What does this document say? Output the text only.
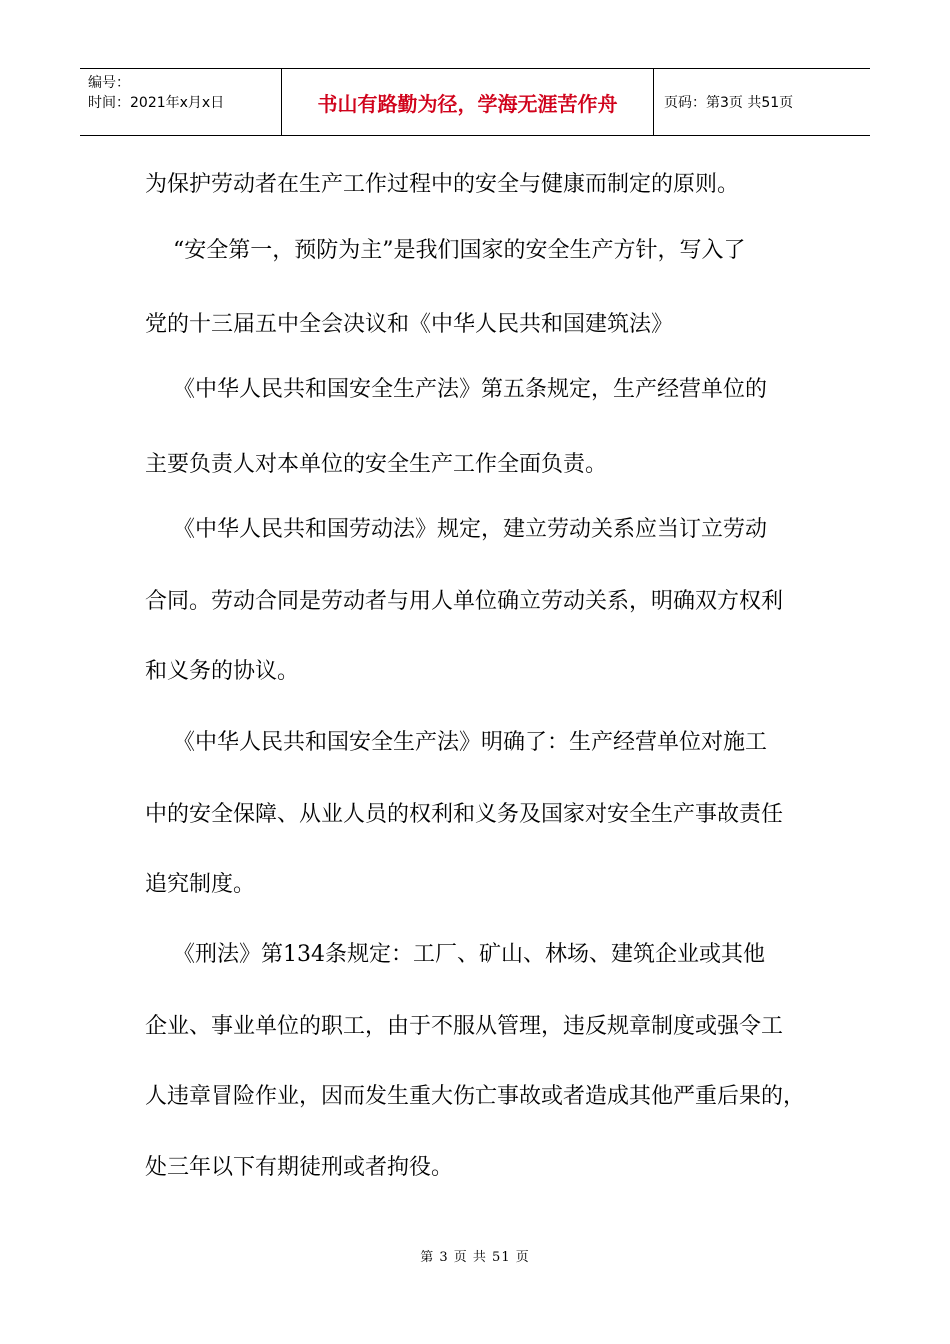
编号：
时间：2021年x月x日	书山有路勤为径，学海无涯苦作舟	页码：第3页 共51页
为保护劳动者在生产工作过程中的安全与健康而制定的原则。
“安全第一，预防为主”是我们国家的安全生产方针，写入了
党的十三届五中全会决议和《中华人民共和国建筑法》
《中华人民共和国安全生产法》第五条规定，生产经营单位的
主要负责人对本单位的安全生产工作全面负责。
《中华人民共和国劳动法》规定，建立劳动关系应当订立劳动
合同。劳动合同是劳动者与用人单位确立劳动关系，明确双方权利
和义务的协议。
《中华人民共和国安全生产法》明确了：生产经营单位对施工
中的安全保障、从业人员的权利和义务及国家对安全生产事故责任
追究制度。
《刑法》第134条规定：工厂、矿山、林场、建筑企业或其他
企业、事业单位的职工，由于不服从管理，违反规章制度或强令工
人违章冒险作业，因而发生重大伤亡事故或者造成其他严重后果的，
处三年以下有期徒刑或者拘役。
第 3 页 共 51 页
